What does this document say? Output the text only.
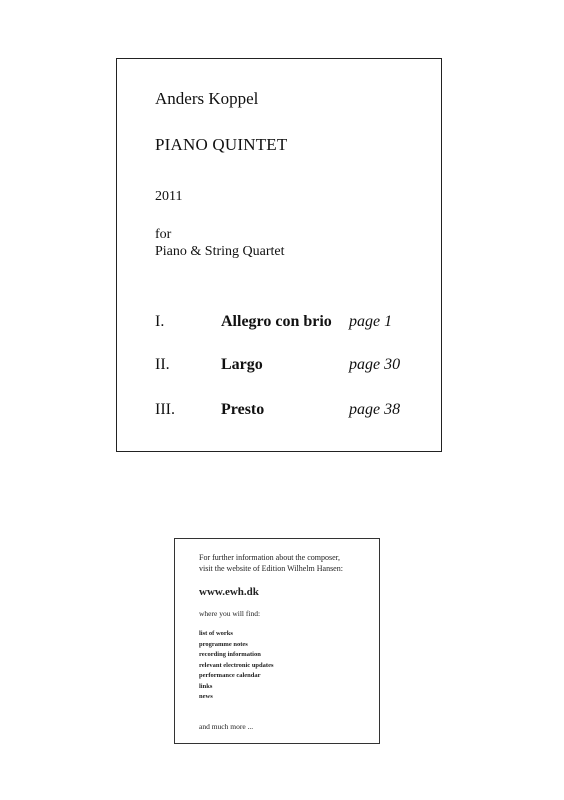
Anders Koppel
PIANO QUINTET
2011
for
Piano & String Quartet
I.	Allegro con brio page 1
II.	Largo	page 30
III.	Presto	page 38
For further information about the composer,
visit the website of Edition Wilhelm Hansen:
www.ewh.dk
where you will find:
list of works
programme notes
recording information
relevant electronic updates
performance calendar
links
news
and much more ...
